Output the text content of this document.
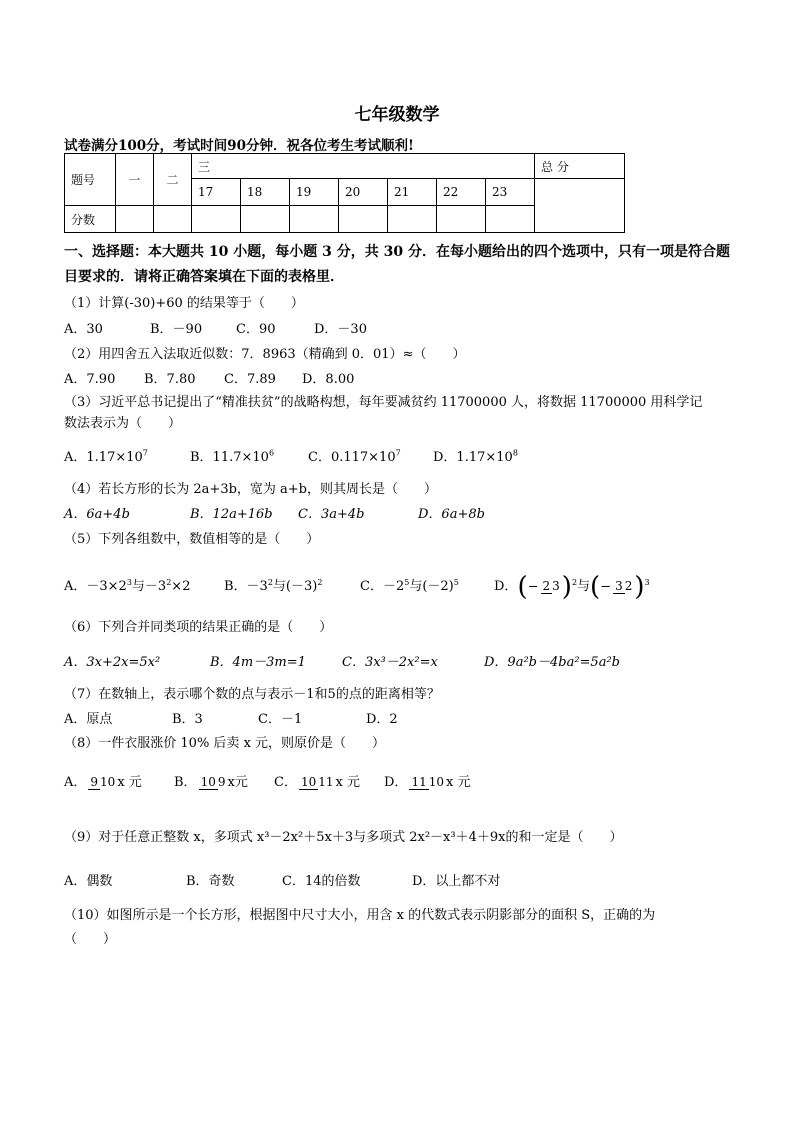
七年级数学
试卷满分100分，考试时间90分钟．祝各位考生考试顺利!
题号	一	二	三							总 分
			17	18	19	20	21	22	23	
分数										
一、选择题：本大题共 10 小题，每小题 3 分，共 30 分．在每小题给出的四个选项中，只有一项是符合题目要求的．请将正确答案填在下面的表格里．
（1）计算(-30)+60 的结果等于（　　）
A．30	B．－90	C．90	D．－30
（2）用四舍五入法取近似数：7．8963（精确到 0．01）≈（　　）
A．7.90 B．7.80 C．7.89 D．8.00
（3）习近平总书记提出了“精准扶贫”的战略构想，每年要减贫约 11700000 人，将数据 11700000 用科学记
数法表示为（　　）
A．$1.17\times 10^7$	B．$11.7\times 10^6$	C．$0.117\times 10^7$ D．$1.17\times 10^8$
（4）若长方形的长为 2a+3b，宽为 a+b，则其周长是（　　）
A．6a+4b	B．12a+16b C．3a+4b	D．6a+8b
（5）下列各组数中，数值相等的是（　　）
A．$-3\times 2^3$与$-3^2\times 2$	B．$-3^2$与$(-3)^2$	C．$-2^5$与$(-2)^5$	D．(− 2 3)$^2$与(− 3 2)$^3$
（6）下列合并同类项的结果正确的是（　　）
A．3x+2x=5x²	B．4m－3m=1	C．3x³－2x²=x	D．9a²b－4ba²=5a²b
（7）在数轴上，表示哪个数的点与表示－1和5的点的距离相等？
A．原点	B．3	C．－1	D．2
（8）一件衣服涨价 10% 后卖 x 元，则原价是（　　）
A． 9 10 x 元 B． 10 9 x元 C． 10 11 x 元 D． 11 10 x 元
（9）对于任意正整数 x，多项式 x³－2x²＋5x＋3与多项式 2x²－x³＋4＋9x的和一定是（　　）
A．偶数	B．奇数	C．14的倍数	D．以上都不对
（10）如图所示是一个长方形，根据图中尺寸大小，用含 x 的代数式表示阴影部分的面积 S，正确的为
（　　）
